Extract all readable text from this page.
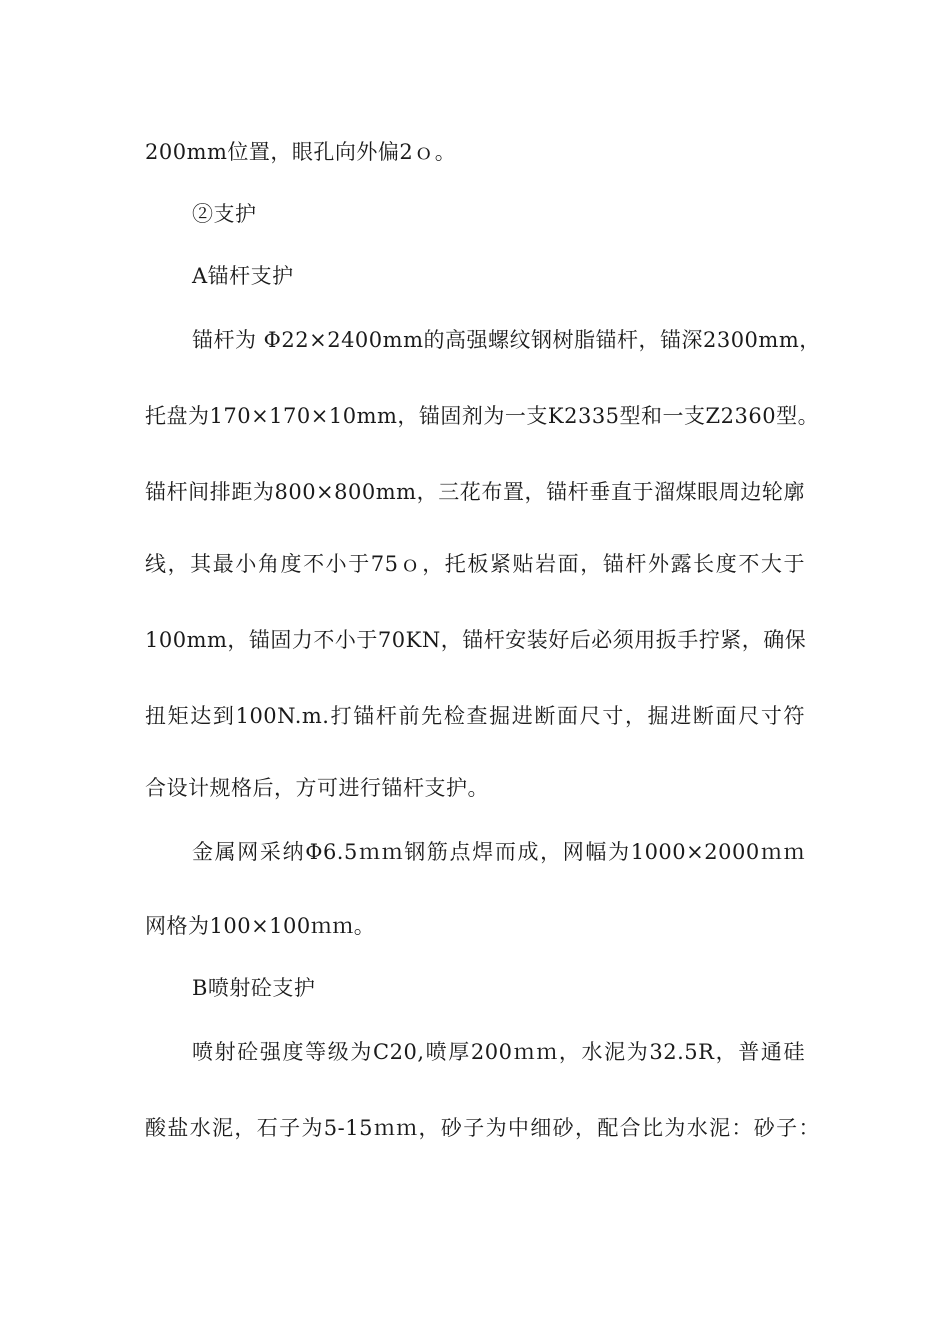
200mm位置，眼孔向外偏2ｏ。
②支护
A锚杆支护
锚杆为 Φ22×2400mm的高强螺纹钢树脂锚杆，锚深2300mm，
托盘为170×170×10mm，锚固剂为一支K2335型和一支Z2360型。
锚杆间排距为800×800mm，三花布置，锚杆垂直于溜煤眼周边轮廓
线，其最小角度不小于75ｏ，托板紧贴岩面，锚杆外露长度不大于
100mm，锚固力不小于70KN，锚杆安装好后必须用扳手拧紧，确保
扭矩达到100N.m.打锚杆前先检查掘进断面尺寸，掘进断面尺寸符
合设计规格后，方可进行锚杆支护。
金属网采纳Φ6.5ｍｍ钢筋点焊而成，网幅为1000×2000ｍｍ
网格为100×100ｍｍ。
B喷射砼支护
喷射砼强度等级为C20,喷厚200ｍｍ，水泥为32.5R，普通硅
酸盐水泥，石子为5-15ｍｍ，砂子为中细砂，配合比为水泥：砂子：
